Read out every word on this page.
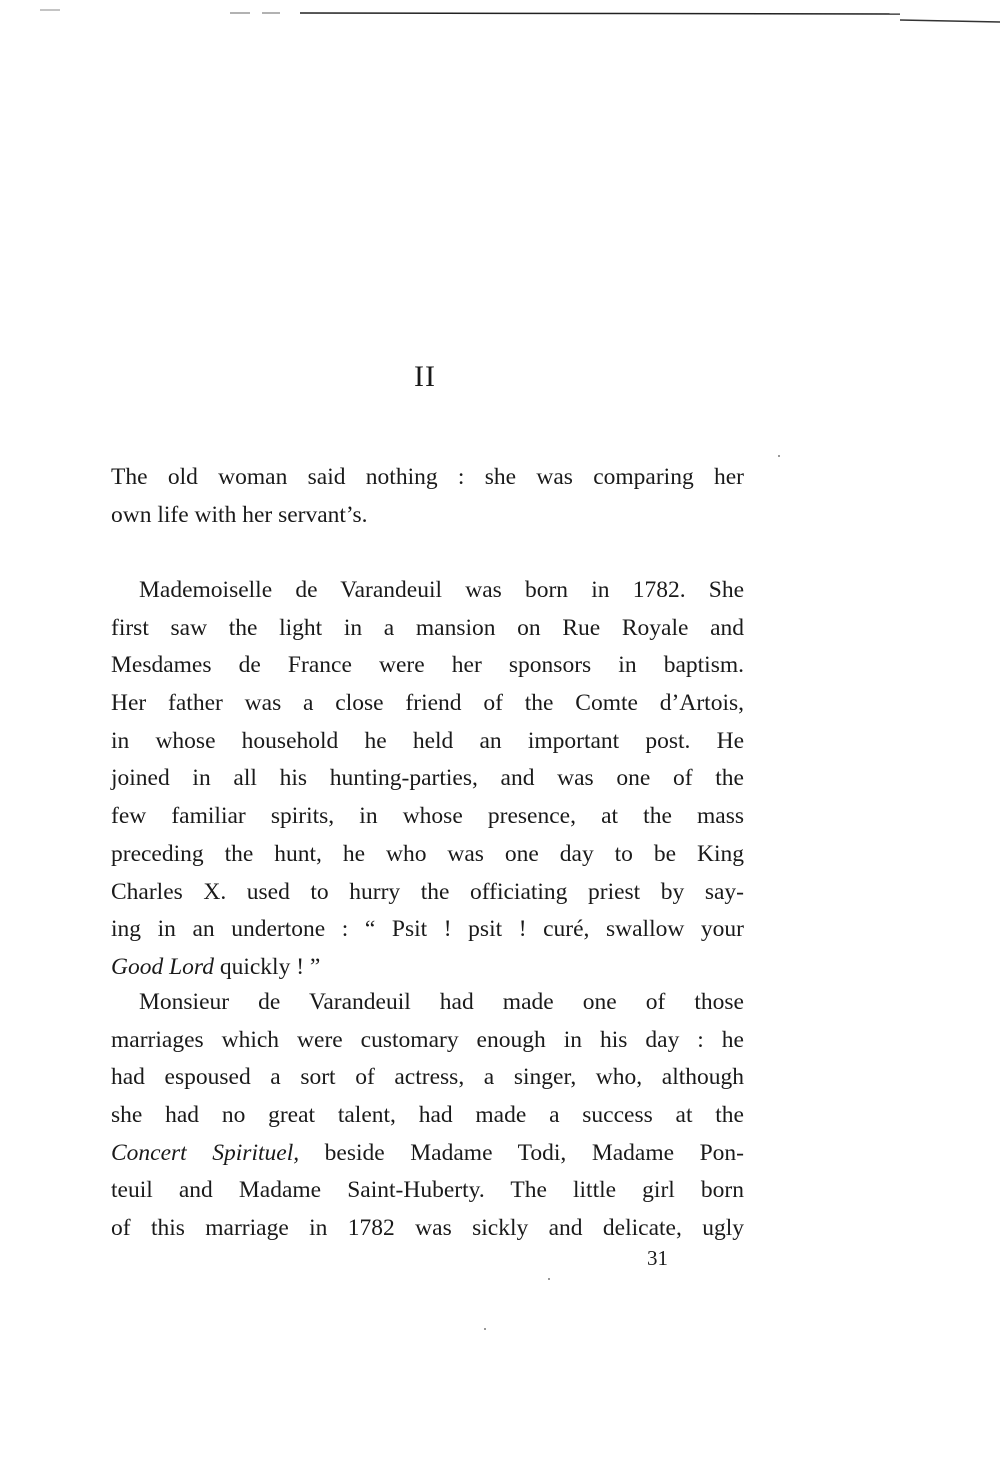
II
The old woman said nothing : she was comparing her
own life with her servant’s.
Mademoiselle de Varandeuil was born in 1782. She
first saw the light in a mansion on Rue Royale and
Mesdames de France were her sponsors in baptism.
Her father was a close friend of the Comte d’Artois,
in whose household he held an important post. He
joined in all his hunting-parties, and was one of the
few familiar spirits, in whose presence, at the mass
preceding the hunt, he who was one day to be King
Charles X. used to hurry the officiating priest by say-
ing in an undertone : “ Psit ! psit ! curé, swallow your
Good Lord quickly ! ”
Monsieur de Varandeuil had made one of those
marriages which were customary enough in his day : he
had espoused a sort of actress, a singer, who, although
she had no great talent, had made a success at the
Concert Spirituel, beside Madame Todi, Madame Pon-
teuil and Madame Saint-Huberty. The little girl born
of this marriage in 1782 was sickly and delicate, ugly
31
